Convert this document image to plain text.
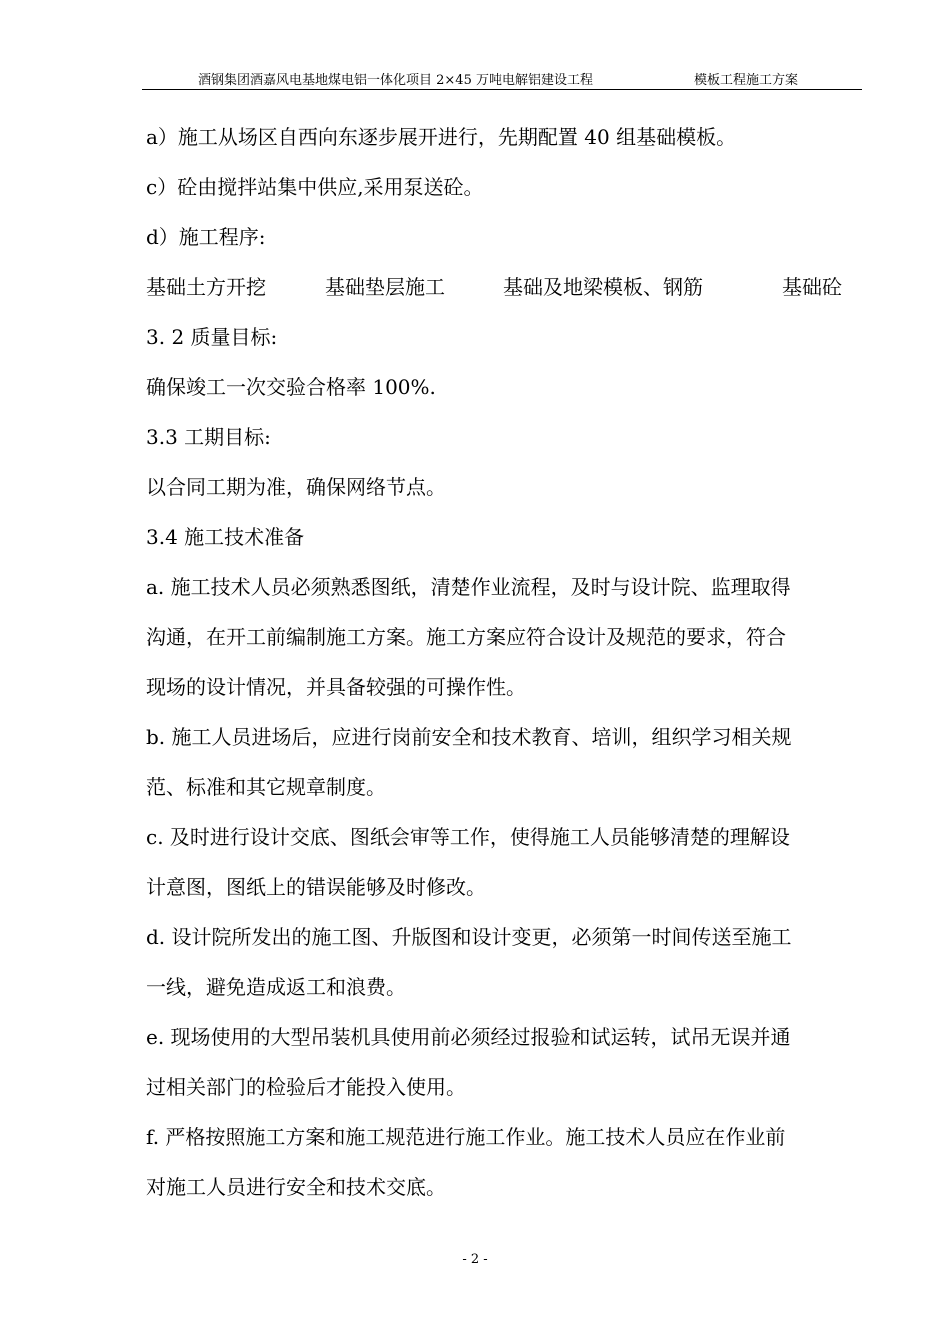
酒钢集团酒嘉风电基地煤电铝一体化项目 2×45 万吨电解铝建设工程	模板工程施工方案
a）施工从场区自西向东逐步展开进行，先期配置 40 组基础模板。
c）砼由搅拌站集中供应,采用泵送砼。
d）施工程序:
基础土方开挖	基础垫层施工	基础及地梁模板、钢筋	基础砼
3. 2 质量目标:
确保竣工一次交验合格率 100%.
3.3 工期目标:
以合同工期为准，确保网络节点。
3.4 施工技术准备
a. 施工技术人员必须熟悉图纸，清楚作业流程，及时与设计院、监理取得
沟通，在开工前编制施工方案。施工方案应符合设计及规范的要求，符合
现场的设计情况，并具备较强的可操作性。
b. 施工人员进场后，应进行岗前安全和技术教育、培训，组织学习相关规
范、标准和其它规章制度。
c. 及时进行设计交底、图纸会审等工作，使得施工人员能够清楚的理解设
计意图，图纸上的错误能够及时修改。
d. 设计院所发出的施工图、升版图和设计变更，必须第一时间传送至施工
一线，避免造成返工和浪费。
e. 现场使用的大型吊装机具使用前必须经过报验和试运转，试吊无误并通
过相关部门的检验后才能投入使用。
f. 严格按照施工方案和施工规范进行施工作业。施工技术人员应在作业前
对施工人员进行安全和技术交底。
- 2 -
